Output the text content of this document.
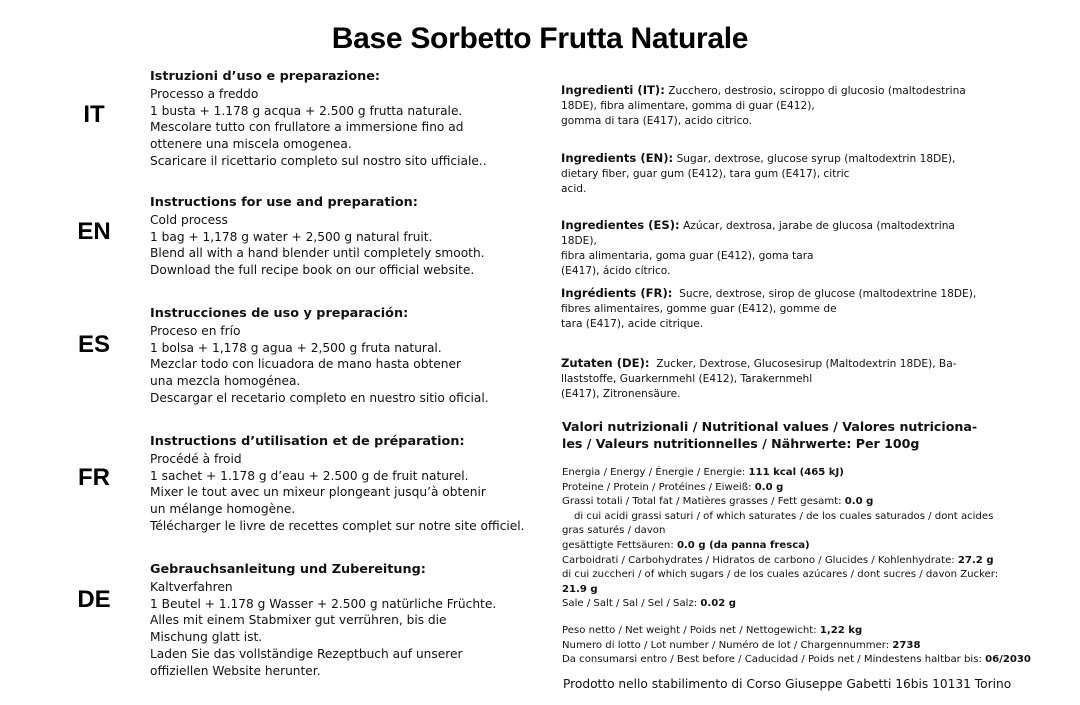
Base Sorbetto Frutta Naturale
IT
EN
ES
FR
DE
Istruzioni d’uso e preparazione:
Processo a freddo
1 busta + 1.178 g acqua + 2.500 g frutta naturale.
Mescolare tutto con frullatore a immersione fino ad ottenere una miscela omogenea.
Scaricare il ricettario completo sul nostro sito ufficiale..
Instructions for use and preparation:
Cold process
1 bag + 1,178 g water + 2,500 g natural fruit.
Blend all with a hand blender until completely smooth.
Download the full recipe book on our official website.
Instrucciones de uso y preparación:
Proceso en frío
1 bolsa + 1,178 g agua + 2,500 g fruta natural.
Mezclar todo con licuadora de mano hasta obtener una mezcla homogénea.
Descargar el recetario completo en nuestro sitio oficial.
Instructions d’utilisation et de préparation:
Procédé à froid
1 sachet + 1.178 g d’eau + 2.500 g de fruit naturel.
Mixer le tout avec un mixeur plongeant jusqu’à obtenir un mélange homogène.
Télécharger le livre de recettes complet sur notre site officiel.
Gebrauchsanleitung und Zubereitung:
Kaltverfahren
1 Beutel + 1.178 g Wasser + 2.500 g natürliche Früchte.
Alles mit einem Stabmixer gut verrühren, bis die Mischung glatt ist.
Laden Sie das vollständige Rezeptbuch auf unserer offiziellen Website herunter.
Ingredienti (IT): Zucchero, destrosio, sciroppo di glucosio (maltodestrina
18DE), fibra alimentare, gomma di guar (E412),
gomma di tara (E417), acido citrico.
Ingredients (EN): Sugar, dextrose, glucose syrup (maltodextrin 18DE),
dietary fiber, guar gum (E412), tara gum (E417), citric
acid.
Ingredientes (ES): Azúcar, dextrosa, jarabe de glucosa (maltodextrina 18DE),
fibra alimentaria, goma guar (E412), goma tara
(E417), ácido cítrico.
Ingrédients (FR): Sucre, dextrose, sirop de glucose (maltodextrine 18DE),
fibres alimentaires, gomme guar (E412), gomme de
tara (E417), acide citrique.
Zutaten (DE): Zucker, Dextrose, Glucosesirup (Maltodextrin 18DE), Ba-
llaststoffe, Guarkernmehl (E412), Tarakernmehl
(E417), Zitronensäure.
Valori nutrizionali / Nutritional values / Valores nutriciona-
les / Valeurs nutritionnelles / Nährwerte: Per 100g
Energia / Energy / Énergie / Energie: 111 kcal (465 kJ)
Proteine / Protein / Protéines / Eiweiß: 0.0 g
Grassi totali / Total fat / Matières grasses / Fett gesamt: 0.0 g
di cui acidi grassi saturi / of which saturates / de los cuales saturados / dont acides
gras saturés / davon
gesättigte Fettsäuren: 0.0 g (da panna fresca)
Carboidrati / Carbohydrates / Hidratos de carbono / Glucides / Kohlenhydrate: 27.2 g
di cui zuccheri / of which sugars / de los cuales azúcares / dont sucres / davon Zucker:
21.9 g
Sale / Salt / Sal / Sel / Salz: 0.02 g
Peso netto / Net weight / Poids net / Nettogewicht: 1,22 kg
Numero di lotto / Lot number / Numéro de lot / Chargennummer: 2738
Da consumarsi entro / Best before / Caducidad / Poids net / Mindestens haltbar bis: 06/2030
Prodotto nello stabilimento di Corso Giuseppe Gabetti 16bis 10131 Torino
